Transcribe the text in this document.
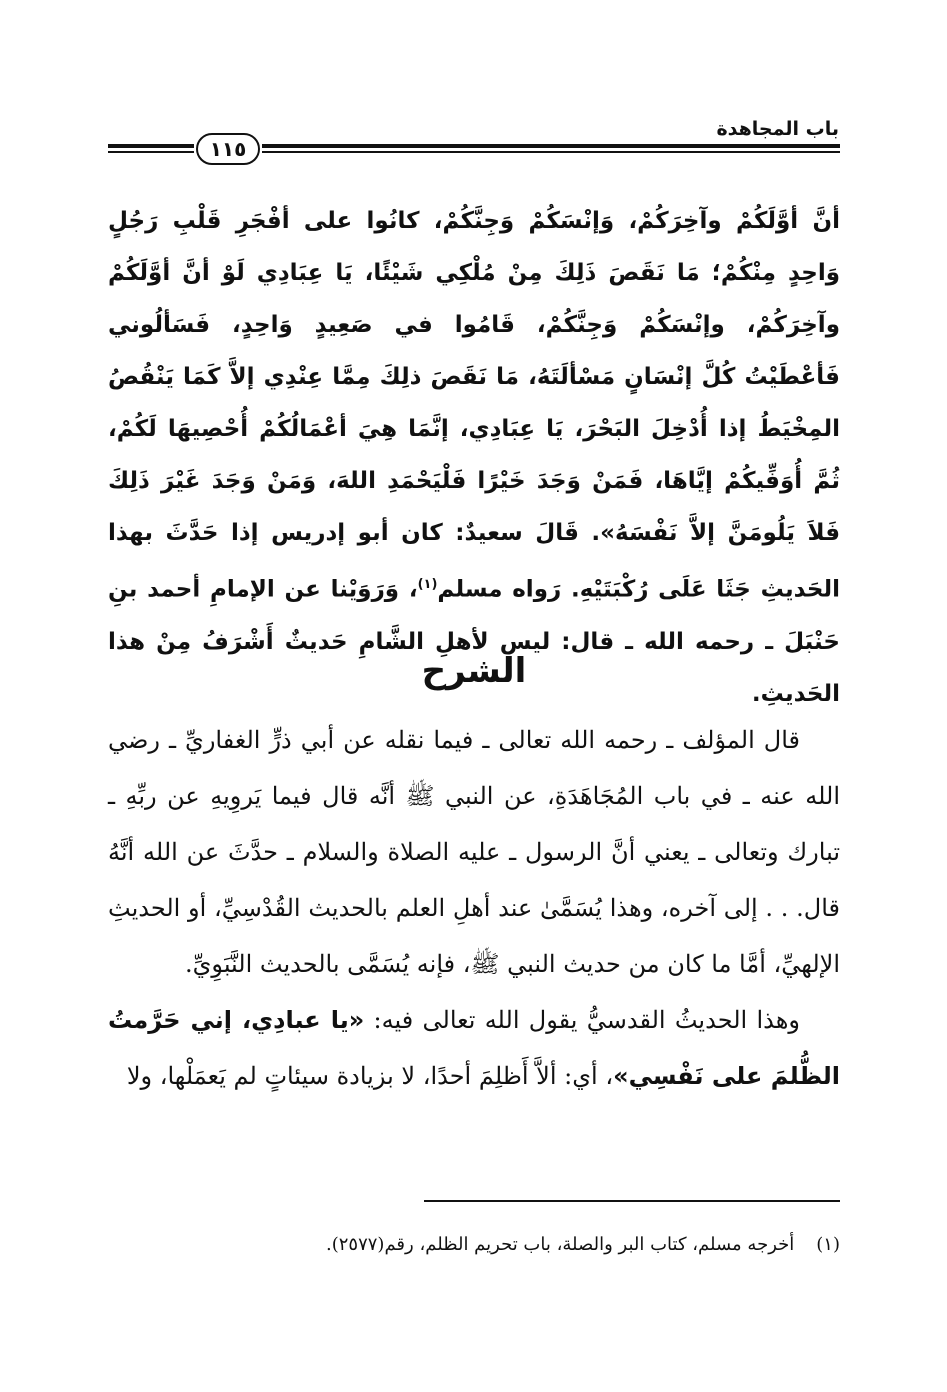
باب المجاهدة
١١٥

أنَّ أوَّلَكُمْ وآخِرَكُمْ، وَإنْسَكُمْ وَجِنَّكُمْ، كانُوا على أفْجَرِ قَلْبِ رَجُلٍ وَاحِدٍ مِنْكُمْ؛ مَا نَقَصَ ذَلِكَ مِنْ مُلْكِي شَيْئًا، يَا عِبَادِي لَوْ أنَّ أوَّلَكُمْ وآخِرَكُمْ، وإنْسَكُمْ وَجِنَّكُمْ، قَامُوا في صَعِيدٍ وَاحِدٍ، فَسَألُوني فَأعْطَيْتُ كُلَّ إنْسَانٍ مَسْألَتَهُ، مَا نَقَصَ ذلِكَ مِمَّا عِنْدِي إلاَّ كَمَا يَنْقُصُ المِخْيَطُ إذا أُدْخِلَ البَحْرَ، يَا عِبَادِي، إنَّمَا هِيَ أعْمَالُكُمْ أُحْصِيهَا لَكُمْ، ثُمَّ أُوَفِّيكُمْ إيَّاهَا، فَمَنْ وَجَدَ خَيْرًا فَلْيَحْمَدِ اللهَ، وَمَنْ وَجَدَ غَيْرَ ذَلِكَ فَلاَ يَلُومَنَّ إلاَّ نَفْسَهُ». قَالَ سعيدٌ: كان أبو إدريس إذا حَدَّثَ بهذا الحَديثِ جَثَا عَلَى رُكْبَتَيْهِ. رَواه مسلم$^{(١)}$، وَرَوَيْنا عن الإمامِ أحمد بنِ حَنْبَلَ ـ رحمه الله ـ قال: ليس لأهلِ الشَّامِ حَديثٌ أَشْرَفُ مِنْ هذا الحَديثِ.

الشرح

قال المؤلف ـ رحمه الله تعالى ـ فيما نقله عن أبي ذرٍّ الغفاريِّ ـ رضي الله عنه ـ في باب المُجَاهَدَةِ، عن النبي ﷺ أنَّه قال فيما يَروِيهِ عن ربِّهِ ـ تبارك وتعالى ـ يعني أنَّ الرسول ـ عليه الصلاة والسلام ـ حدَّثَ عن الله أنَّهُ قال. . . إلى آخره، وهذا يُسَمَّىٰ عند أهلِ العلم بالحديث القُدْسِيِّ، أو الحديثِ الإلهيِّ، أمَّا ما كان من حديث النبي ﷺ، فإنه يُسَمَّى بالحديث النَّبَوِيِّ.

وهذا الحديثُ القدسيُّ يقول الله تعالى فيه: «يا عبادِي، إني حَرَّمتُ الظُّلمَ على نَفْسِي»، أي: ألاَّ أَظلِمَ أحدًا، لا بزيادة سيئاتٍ لم يَعمَلْها، ولا

(١)أخرجه مسلم، كتاب البر والصلة، باب تحريم الظلم، رقم(٢٥٧٧).
